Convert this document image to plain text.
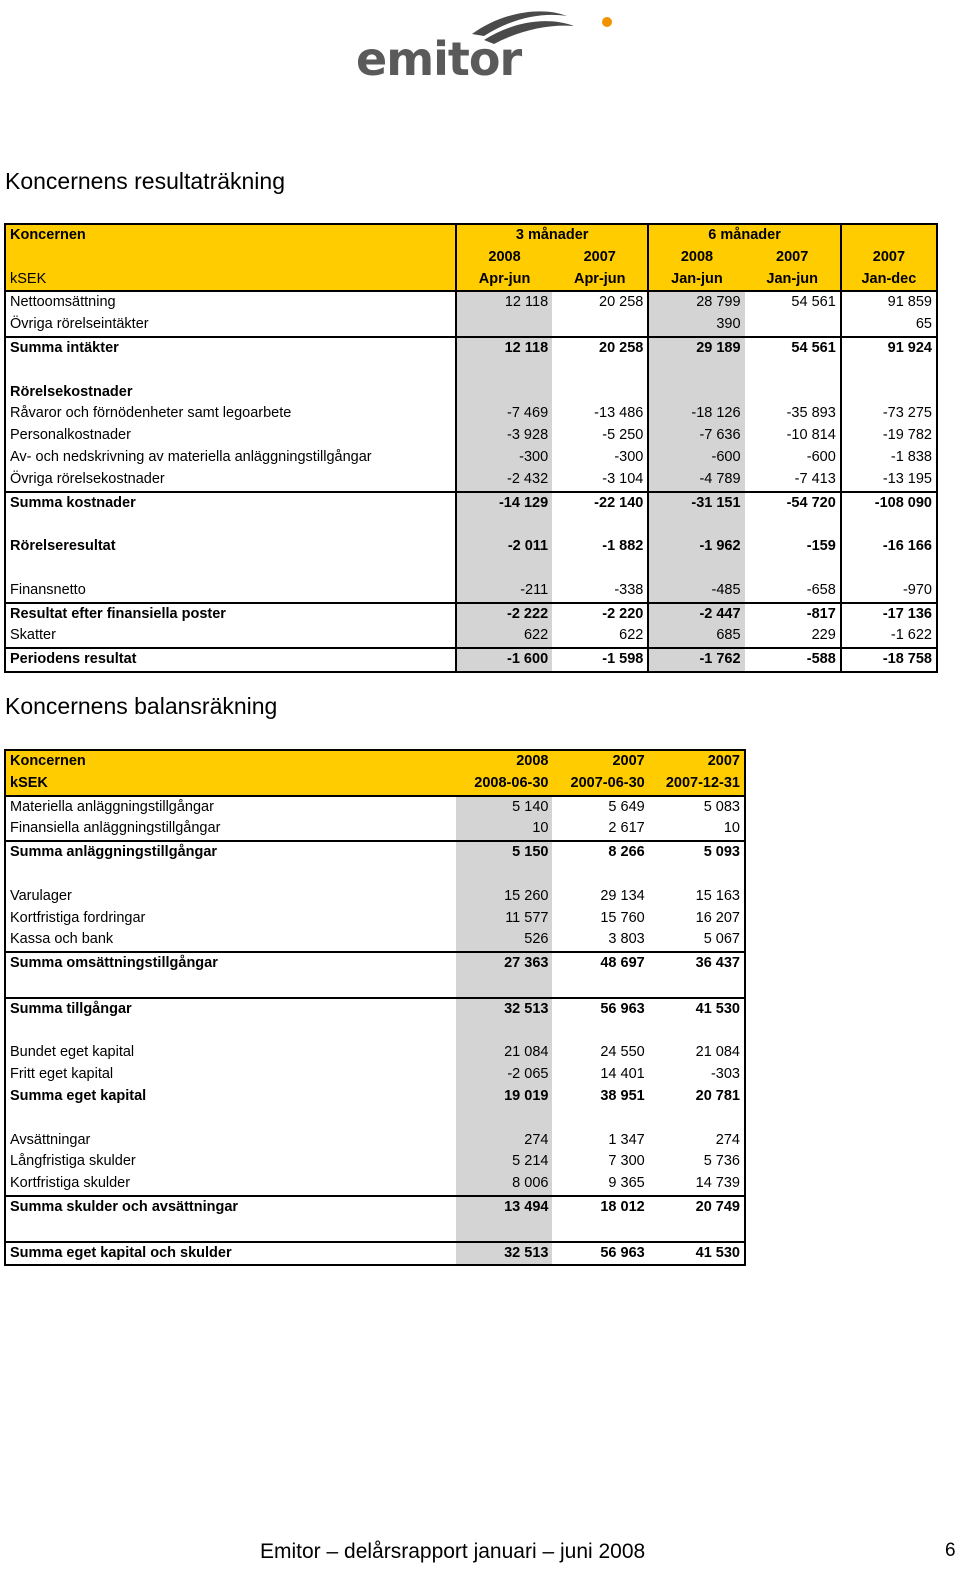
emitor
Koncernens resultaträkning
Koncernen	3 månader		6 månader		
	2008	2007	2008	2007	2007
kSEK	Apr-jun	Apr-jun	Jan-jun	Jan-jun	Jan-dec
Nettoomsättning	12 118	20 258	28 799	54 561	91 859
Övriga rörelseintäkter			390		65
Summa intäkter	12 118	20 258	29 189	54 561	91 924

Rörelsekostnader					
Råvaror och förnödenheter samt legoarbete	-7 469	-13 486	-18 126	-35 893	-73 275
Personalkostnader	-3 928	-5 250	-7 636	-10 814	-19 782
Av- och nedskrivning av materiella anläggningstillgångar	-300	-300	-600	-600	-1 838
Övriga rörelsekostnader	-2 432	-3 104	-4 789	-7 413	-13 195
Summa kostnader	-14 129	-22 140	-31 151	-54 720	-108 090

Rörelseresultat	-2 011	-1 882	-1 962	-159	-16 166

Finansnetto	-211	-338	-485	-658	-970
Resultat efter finansiella poster	-2 222	-2 220	-2 447	-817	-17 136
Skatter	622	622	685	229	-1 622
Periodens resultat	-1 600	-1 598	-1 762	-588	-18 758
Koncernens balansräkning
Koncernen	2008	2007	2007
kSEK	2008-06-30	2007-06-30	2007-12-31
Materiella anläggningstillgångar	5 140	5 649	5 083
Finansiella anläggningstillgångar	10	2 617	10
Summa anläggningstillgångar	5 150	8 266	5 093

Varulager	15 260	29 134	15 163
Kortfristiga fordringar	11 577	15 760	16 207
Kassa och bank	526	3 803	5 067
Summa omsättningstillgångar	27 363	48 697	36 437

Summa tillgångar	32 513	56 963	41 530

Bundet eget kapital	21 084	24 550	21 084
Fritt eget kapital	-2 065	14 401	-303
Summa eget kapital	19 019	38 951	20 781

Avsättningar	274	1 347	274
Långfristiga skulder	5 214	7 300	5 736
Kortfristiga skulder	8 006	9 365	14 739
Summa skulder och avsättningar	13 494	18 012	20 749

Summa eget kapital och skulder	32 513	56 963	41 530
Emitor – delårsrapport januari – juni 2008	6
